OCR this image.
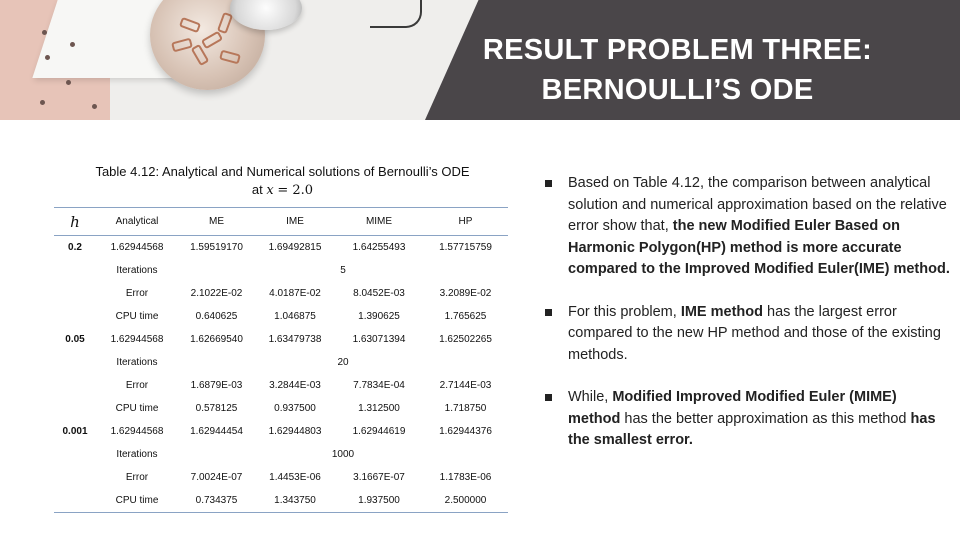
RESULT PROBLEM THREE:
BERNOULLI’S ODE
Table 4.12: Analytical and Numerical solutions of Bernoulli’s ODE
at x = 2.0
h	Analytical	ME	IME	MIME	HP
0.2	1.62944568	1.59519170	1.69492815	1.64255493	1.57715759
	Iterations	5			
	Error	2.1022E-02	4.0187E-02	8.0452E-03	3.2089E-02
	CPU time	0.640625	1.046875	1.390625	1.765625
0.05	1.62944568	1.62669540	1.63479738	1.63071394	1.62502265
	Iterations	20			
	Error	1.6879E-03	3.2844E-03	7.7834E-04	2.7144E-03
	CPU time	0.578125	0.937500	1.312500	1.718750
0.001	1.62944568	1.62944454	1.62944803	1.62944619	1.62944376
	Iterations	1000			
	Error	7.0024E-07	1.4453E-06	3.1667E-07	1.1783E-06
	CPU time	0.734375	1.343750	1.937500	2.500000
Based on Table 4.12, the comparison between analytical solution and numerical approximation based on the relative error show that, the new Modified Euler Based on Harmonic Polygon(HP) method is more accurate compared to the Improved Modified Euler(IME) method.
For this problem, IME method has the largest error compared to the new HP method and those of the existing methods.
While, Modified Improved Modified Euler (MIME) method has the better approximation as this method has the smallest error.
